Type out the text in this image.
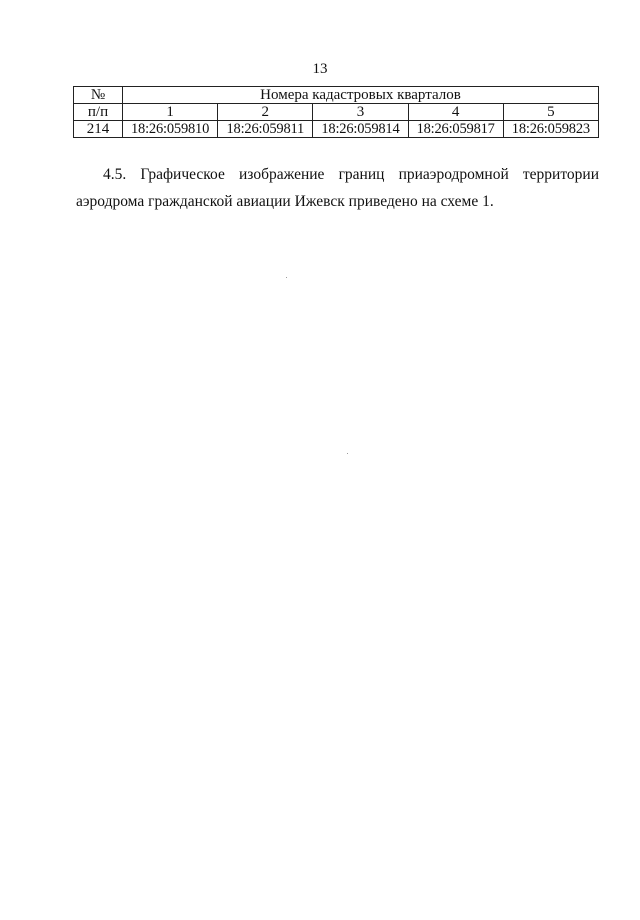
13
№	Номера кадастровых кварталов				
п/п	1	2	3	4	5
214	18:26:059810	18:26:059811	18:26:059814	18:26:059817	18:26:059823

4.5. Графическое изображение границ приаэродромной территории аэродрома гражданской авиации Ижевск приведено на схеме 1.
